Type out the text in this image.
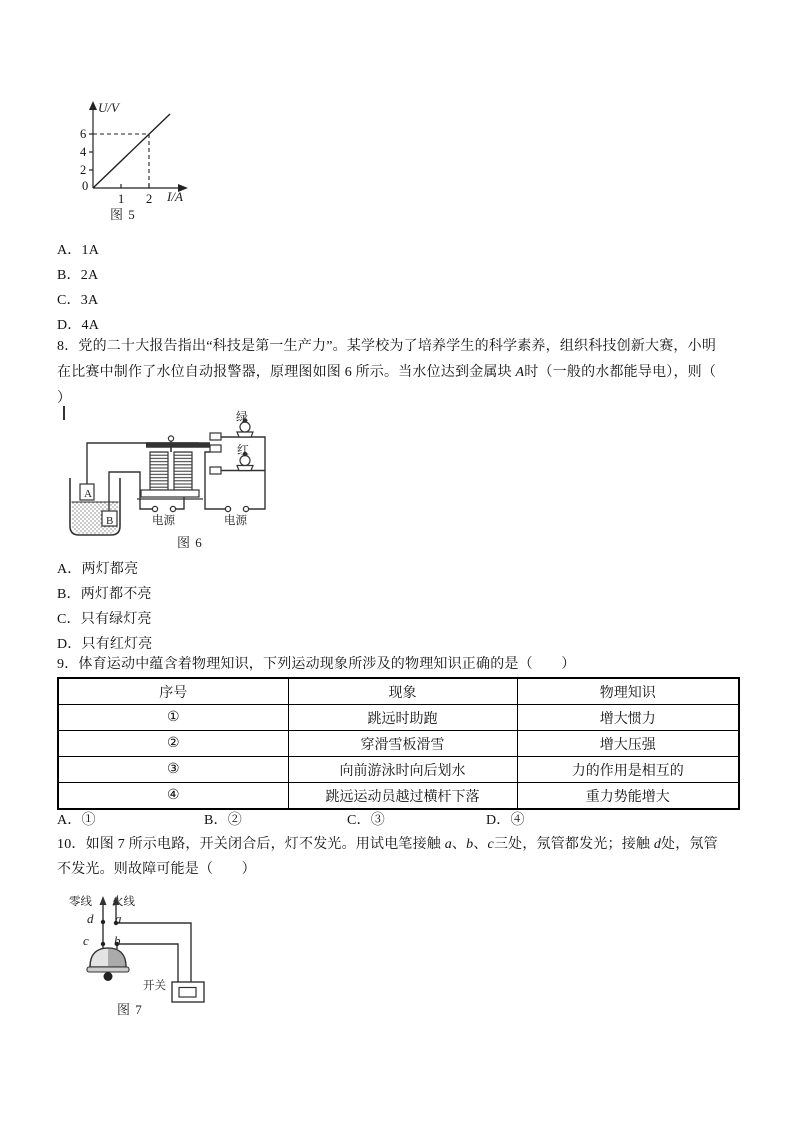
U/V
6
4
2
0
1 2 I/A
图 5
A．1A
B．2A
C．3A
D．4A
8．党的二十大报告指出“科技是第一生产力”。某学校为了培养学生的科学素养，组织科技创新大赛，小明
在比赛中制作了水位自动报警器，原理图如图 6 所示。当水位达到金属块 A时（一般的水都能导电），则（
）
绿
红
A
B	电源	电源
图 6
A．两灯都亮
B．两灯都不亮
C．只有绿灯亮
D．只有红灯亮
9．体育运动中蕴含着物理知识，下列运动现象所涉及的物理知识正确的是（　　）
序号	现象	物理知识
①	跳远时助跑	增大惯力
②	穿滑雪板滑雪	增大压强
③	向前游泳时向后划水	力的作用是相互的
④	跳远运动员越过横杆下落	重力势能增大
A．①	B．②	C．③	D．④
10．如图 7 所示电路，开关闭合后，灯不发光。用试电笔接触 a、b、c三处，氖管都发光；接触 d处，氖管
不发光。则故障可能是（　　）
零线 火线
d a
c b
开关
图 7
